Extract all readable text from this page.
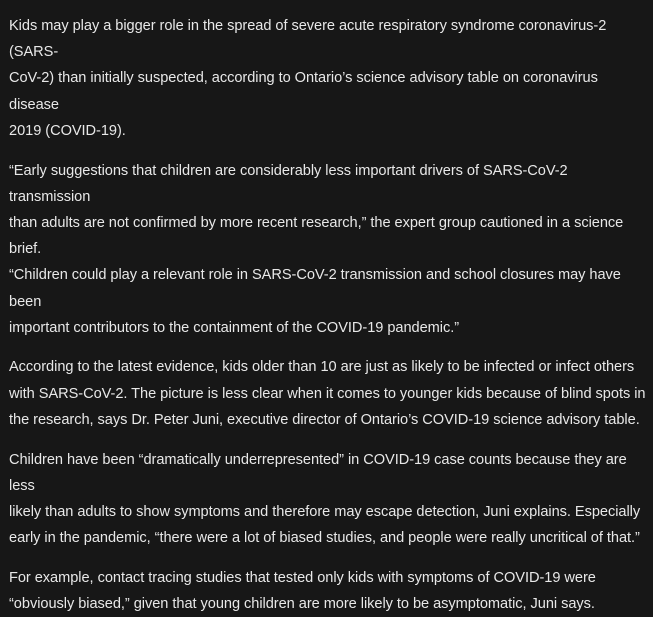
Kids may play a bigger role in the spread of severe acute respiratory syndrome coronavirus-2 (SARS-
CoV-2) than initially suspected, according to Ontario’s science advisory table on coronavirus disease
2019 (COVID-19).

“Early suggestions that children are considerably less important drivers of SARS-CoV-2 transmission
than adults are not confirmed by more recent research,” the expert group cautioned in a science brief.
“Children could play a relevant role in SARS-CoV-2 transmission and school closures may have been
important contributors to the containment of the COVID-19 pandemic.”

According to the latest evidence, kids older than 10 are just as likely to be infected or infect others
with SARS-CoV-2. The picture is less clear when it comes to younger kids because of blind spots in
the research, says Dr. Peter Juni, executive director of Ontario’s COVID-19 science advisory table.

Children have been “dramatically underrepresented” in COVID-19 case counts because they are less
likely than adults to show symptoms and therefore may escape detection, Juni explains. Especially
early in the pandemic, “there were a lot of biased studies, and people were really uncritical of that.”

For example, contact tracing studies that tested only kids with symptoms of COVID-19 were
“obviously biased,” given that young children are more likely to be asymptomatic, Juni says.
